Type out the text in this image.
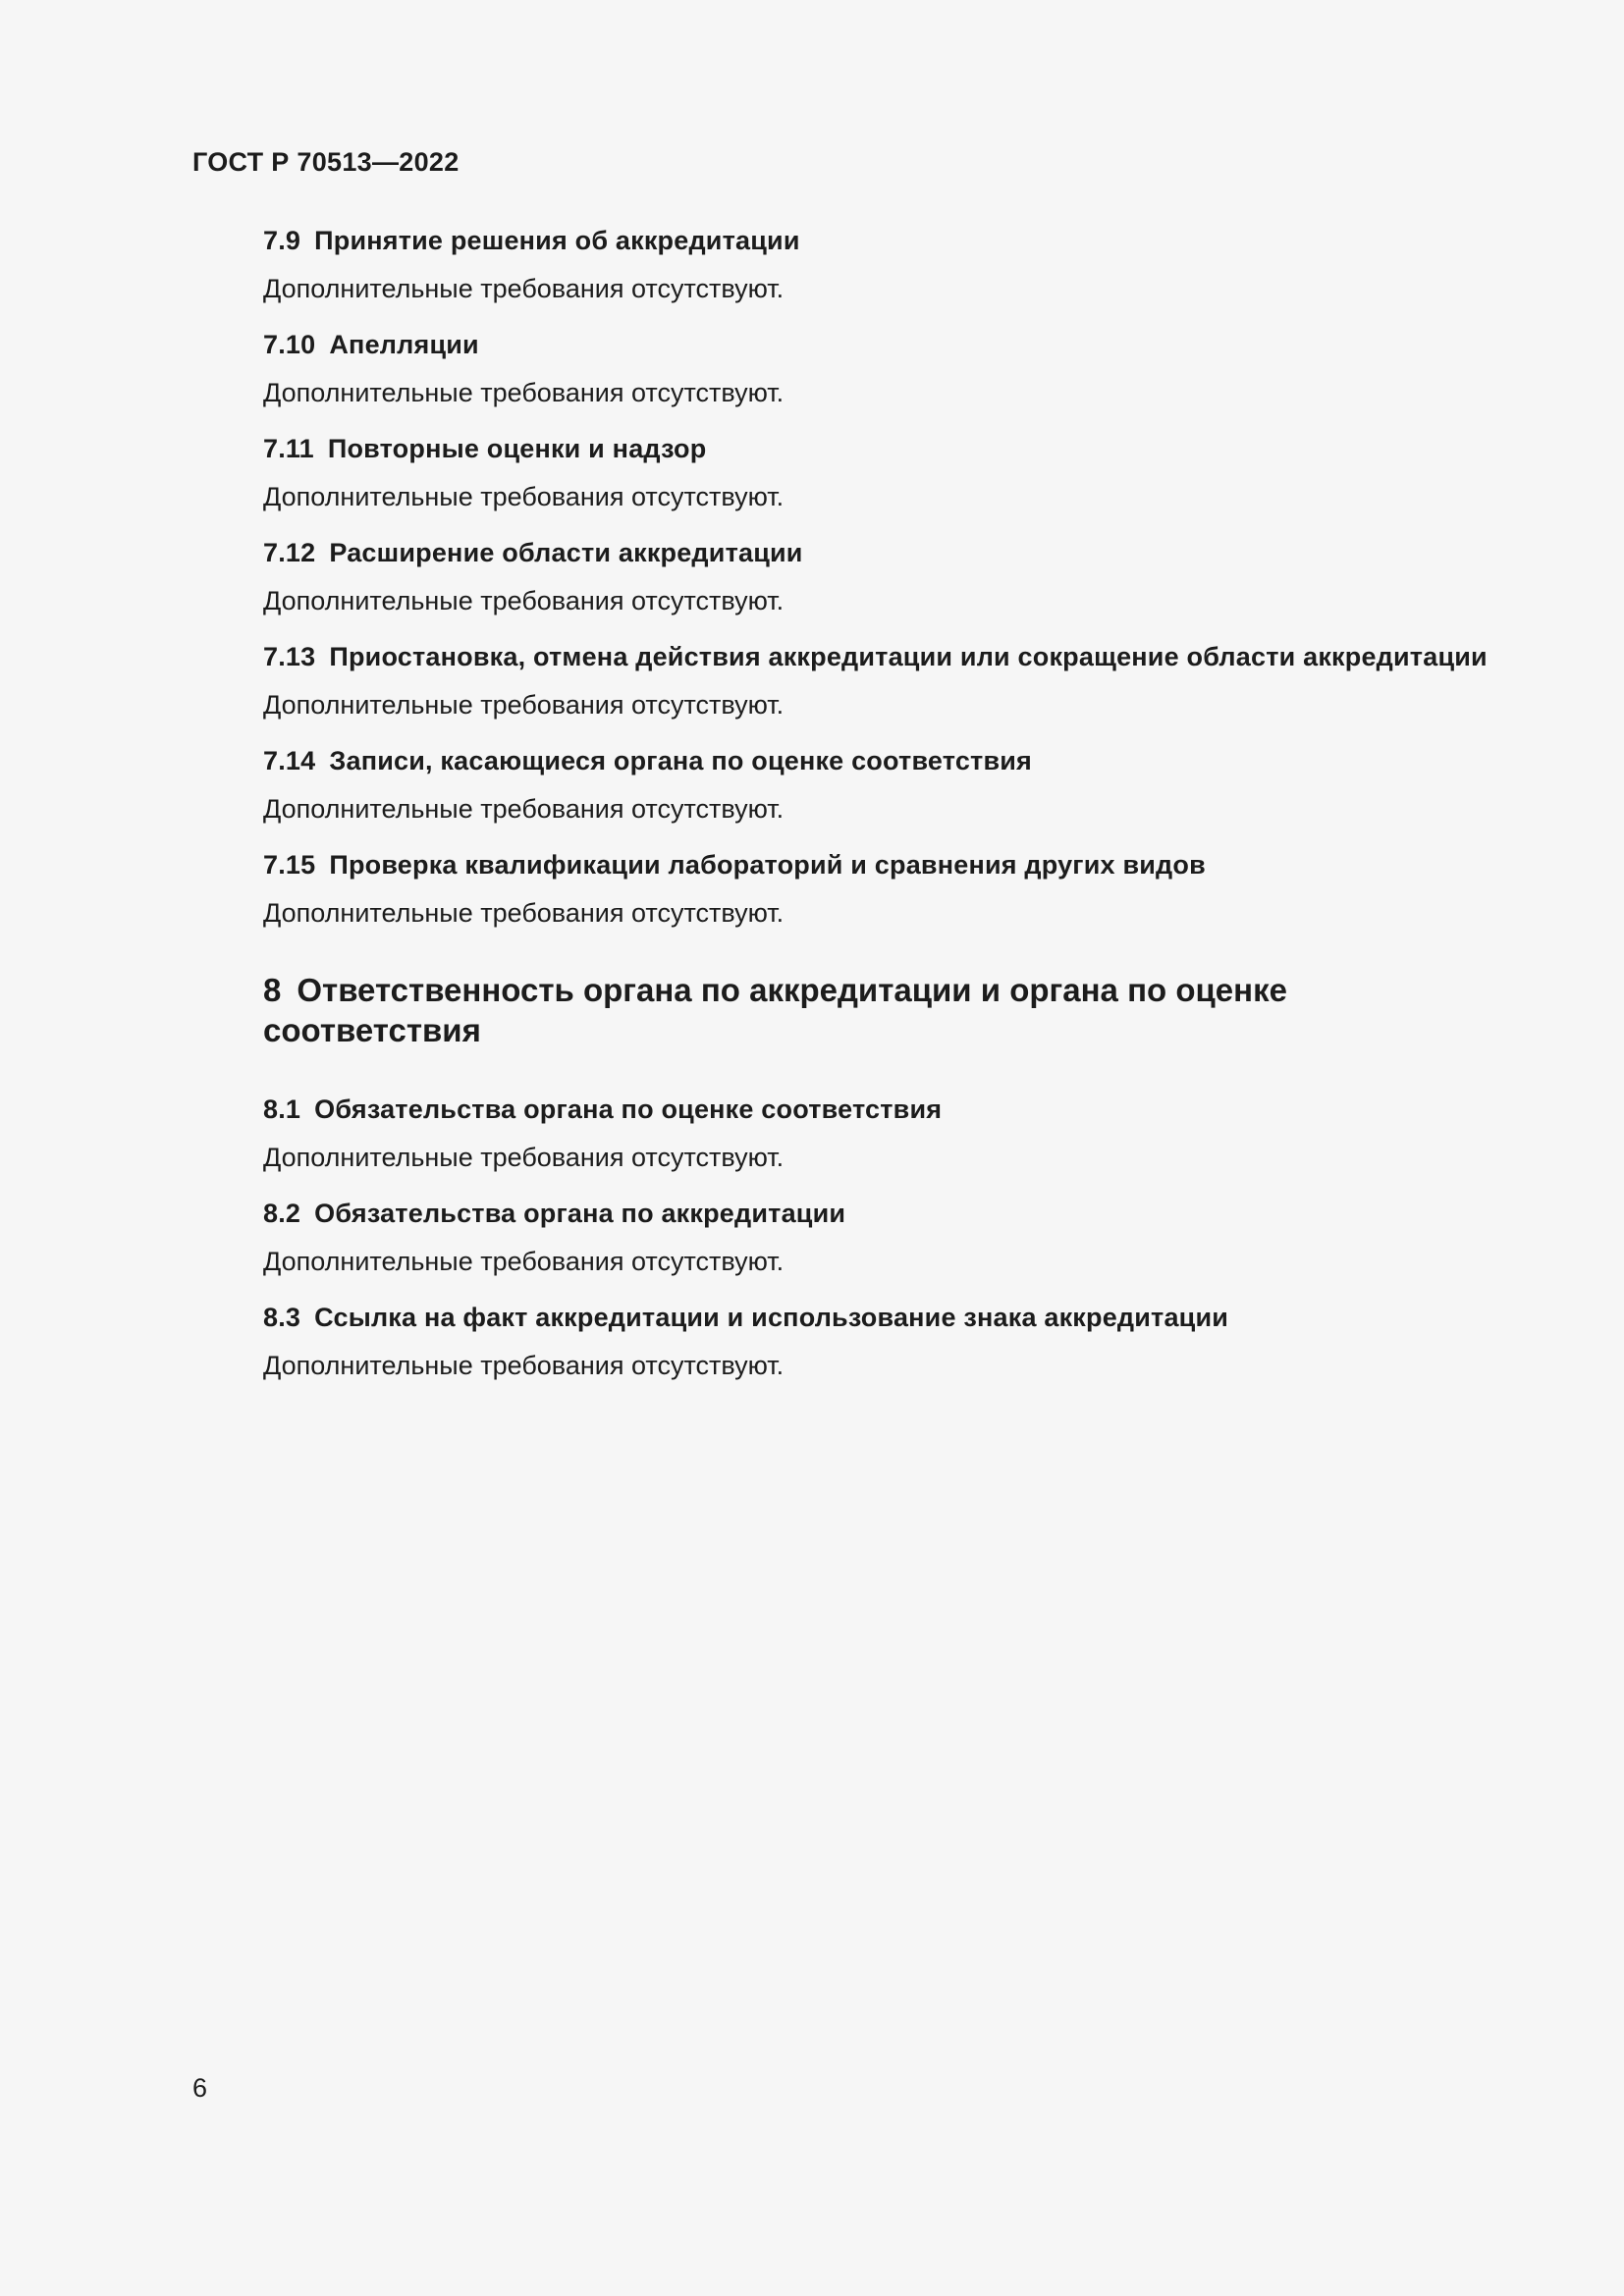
ГОСТ Р 70513—2022

7.9 Принятие решения об аккредитации

Дополнительные требования отсутствуют.

7.10 Апелляции

Дополнительные требования отсутствуют.

7.11 Повторные оценки и надзор

Дополнительные требования отсутствуют.

7.12 Расширение области аккредитации

Дополнительные требования отсутствуют.

7.13 Приостановка, отмена действия аккредитации или сокращение области аккредитации

Дополнительные требования отсутствуют.

7.14 Записи, касающиеся органа по оценке соответствия

Дополнительные требования отсутствуют.

7.15 Проверка квалификации лабораторий и сравнения других видов

Дополнительные требования отсутствуют.

8 Ответственность органа по аккредитации и органа по оценке
соответствия

8.1 Обязательства органа по оценке соответствия

Дополнительные требования отсутствуют.

8.2 Обязательства органа по аккредитации

Дополнительные требования отсутствуют.

8.3 Ссылка на факт аккредитации и использование знака аккредитации

Дополнительные требования отсутствуют.

6
